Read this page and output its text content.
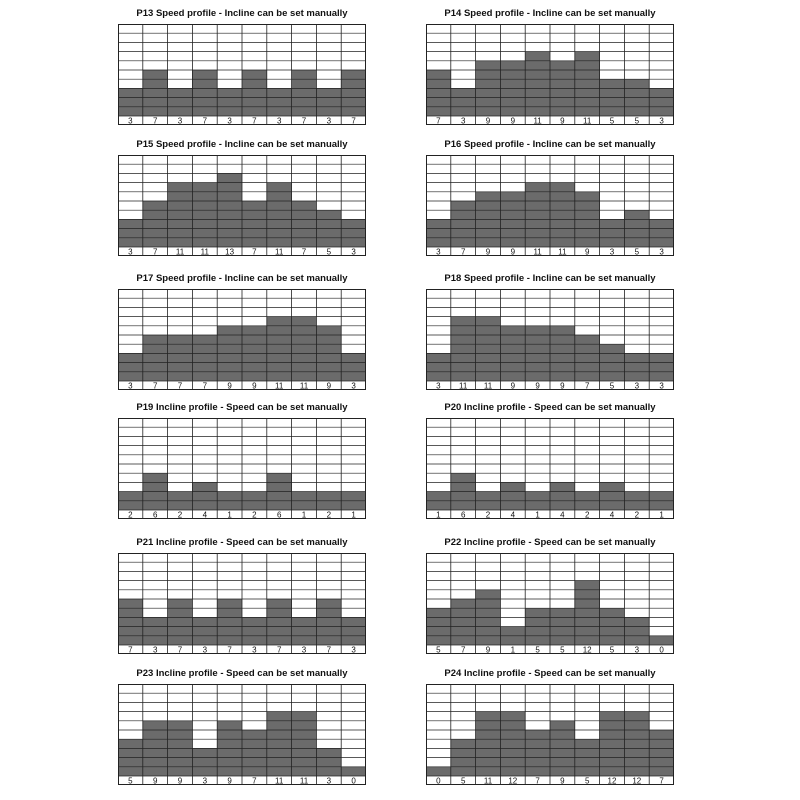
P13 Speed profile - Incline can be set manually
3	7	3	7	3	7	3	7	3	7
P14 Speed profile - Incline can be set manually
7	3	9	9 11 9 11 5	5	3
P15 Speed profile - Incline can be set manually
3	7 11 11 13 7 11 7	5	3
P16 Speed profile - Incline can be set manually
3	7	9	9 11 11 9	3	5	3
P17 Speed profile - Incline can be set manually
3	7	7	7	9	9 11 11 9	3
P18 Speed profile - Incline can be set manually
3 11 11 9	9	9	7	5	3	3
P19 Incline profile - Speed can be set manually
2	6	2	4	1	2	6	1	2	1
P20 Incline profile - Speed can be set manually
1	6	2	4	1	4	2	4	2	1
P21 Incline profile - Speed can be set manually
7	3	7	3	7	3	7	3	7	3
P22 Incline profile - Speed can be set manually
5	7	9	1	5	5 12 5	3	0
P23 Incline profile - Speed can be set manually
5	9	9	3	9	7 11 11 3	0
P24 Incline profile - Speed can be set manually
0	5 11 12 7	9	5 12 12 7
